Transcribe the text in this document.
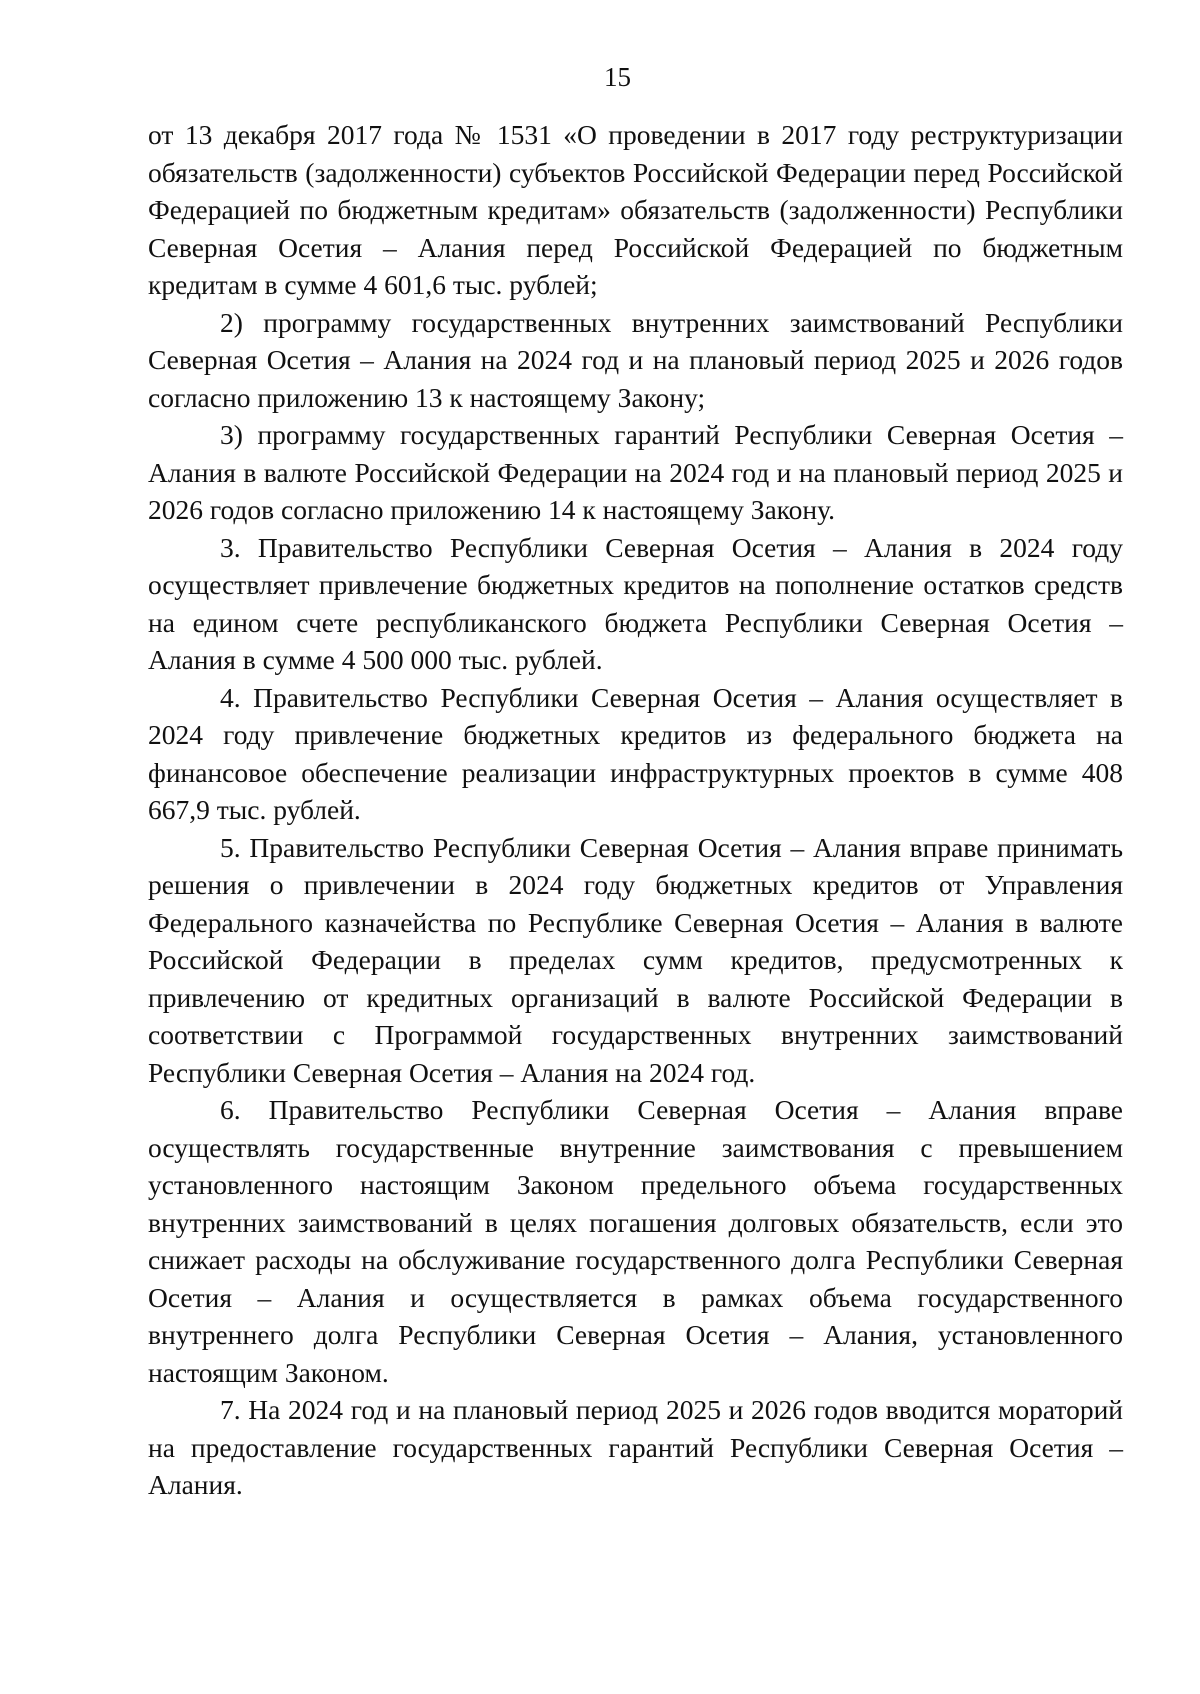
15

от 13 декабря 2017 года № 1531 «О проведении в 2017 году реструктуризации обязательств (задолженности) субъектов Российской Федерации перед Российской Федерацией по бюджетным кредитам» обязательств (задолженности) Республики Северная Осетия – Алания перед Российской Федерацией по бюджетным кредитам в сумме 4 601,6 тыс. рублей;

2) программу государственных внутренних заимствований Республики Северная Осетия – Алания на 2024 год и на плановый период 2025 и 2026 годов согласно приложению 13 к настоящему Закону;

3) программу государственных гарантий Республики Северная Осетия – Алания в валюте Российской Федерации на 2024 год и на плановый период 2025 и 2026 годов согласно приложению 14 к настоящему Закону.

3. Правительство Республики Северная Осетия – Алания в 2024 году осуществляет привлечение бюджетных кредитов на пополнение остатков средств на едином счете республиканского бюджета Республики Северная Осетия – Алания в сумме 4 500 000 тыс. рублей.

4. Правительство Республики Северная Осетия – Алания осуществляет в 2024 году привлечение бюджетных кредитов из федерального бюджета на финансовое обеспечение реализации инфраструктурных проектов в сумме 408 667,9 тыс. рублей.

5. Правительство Республики Северная Осетия – Алания вправе принимать решения о привлечении в 2024 году бюджетных кредитов от Управления Федерального казначейства по Республике Северная Осетия – Алания в валюте Российской Федерации в пределах сумм кредитов, предусмотренных к привлечению от кредитных организаций в валюте Российской Федерации в соответствии с Программой государственных внутренних заимствований Республики Северная Осетия – Алания на 2024 год.

6. Правительство Республики Северная Осетия – Алания вправе осуществлять государственные внутренние заимствования с превышением установленного настоящим Законом предельного объема государственных внутренних заимствований в целях погашения долговых обязательств, если это снижает расходы на обслуживание государственного долга Республики Северная Осетия – Алания и осуществляется в рамках объема государственного внутреннего долга Республики Северная Осетия – Алания, установленного настоящим Законом.

7. На 2024 год и на плановый период 2025 и 2026 годов вводится мораторий на предоставление государственных гарантий Республики Северная Осетия – Алания.
